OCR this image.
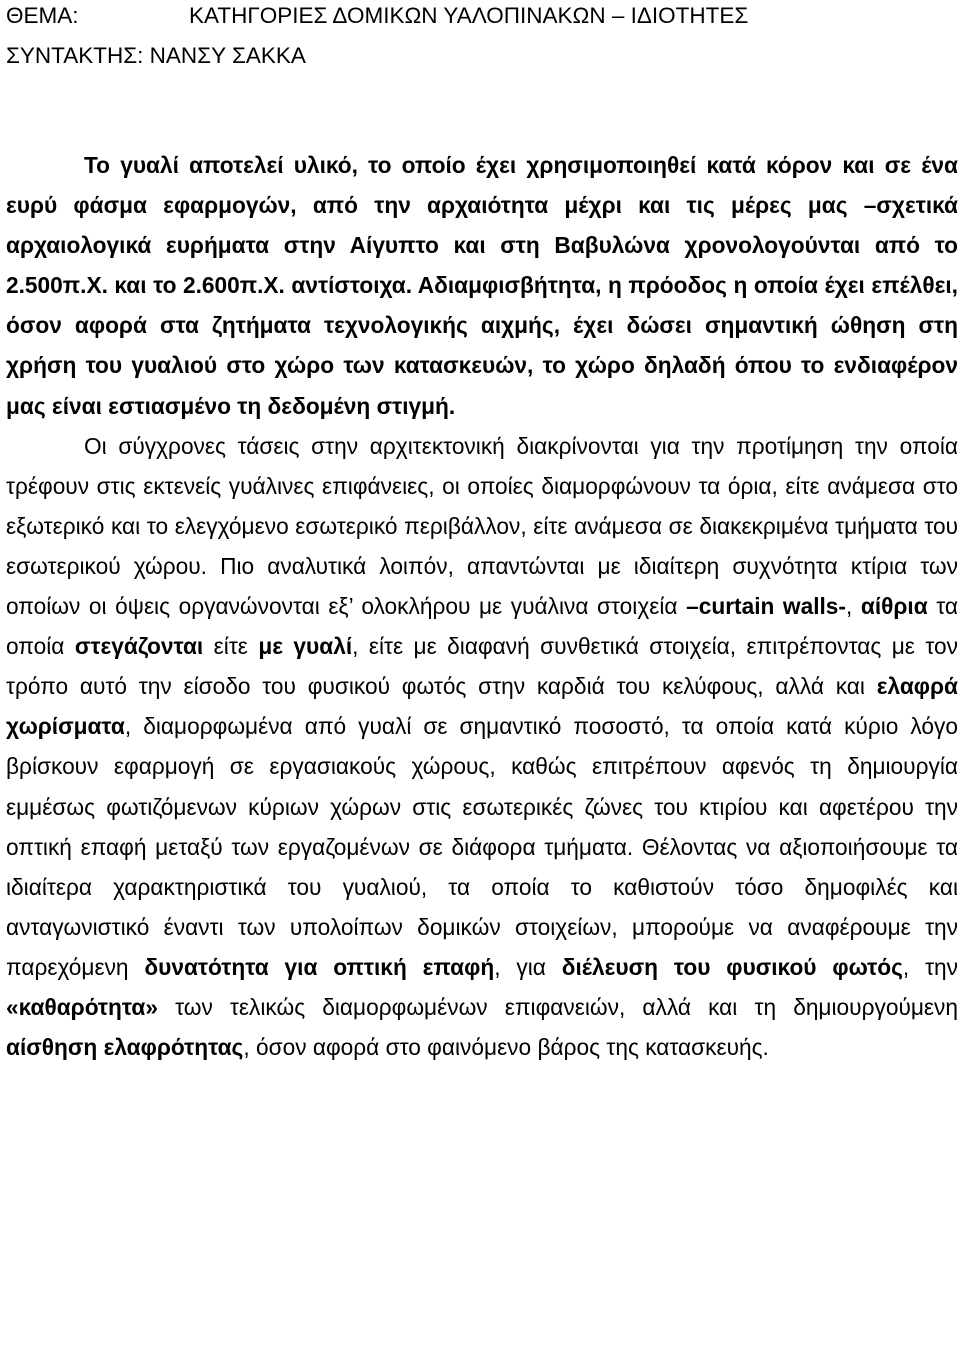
ΘΕΜΑ:	ΚΑΤΗΓΟΡΙΕΣ ΔΟΜΙΚΩΝ ΥΑΛΟΠΙΝΑΚΩΝ – ΙΔΙΟΤΗΤΕΣ
ΣΥΝΤΑΚΤΗΣ: ΝΑΝΣΥ ΣΑΚΚΑ

Το γυαλί αποτελεί υλικό, το οποίο έχει χρησιμοποιηθεί κατά κόρον και σε ένα ευρύ φάσμα εφαρμογών, από την αρχαιότητα μέχρι και τις μέρες μας –σχετικά αρχαιολογικά ευρήματα στην Αίγυπτο και στη Βαβυλώνα χρονολογούνται από το 2.500π.Χ. και το 2.600π.Χ. αντίστοιχα. Αδιαμφισβήτητα, η πρόοδος η οποία έχει επέλθει, όσον αφορά στα ζητήματα τεχνολογικής αιχμής, έχει δώσει σημαντική ώθηση στη χρήση του γυαλιού στο χώρο των κατασκευών, το χώρο δηλαδή όπου το ενδιαφέρον μας είναι εστιασμένο τη δεδομένη στιγμή.

Οι σύγχρονες τάσεις στην αρχιτεκτονική διακρίνονται για την προτίμηση την οποία τρέφουν στις εκτενείς γυάλινες επιφάνειες, οι οποίες διαμορφώνουν τα όρια, είτε ανάμεσα στο εξωτερικό και το ελεγχόμενο εσωτερικό περιβάλλον, είτε ανάμεσα σε διακεκριμένα τμήματα του εσωτερικού χώρου. Πιο αναλυτικά λοιπόν, απαντώνται με ιδιαίτερη συχνότητα κτίρια των οποίων οι όψεις οργανώνονται εξ’ ολοκλήρου με γυάλινα στοιχεία –curtain walls-, αίθρια τα οποία στεγάζονται είτε με γυαλί, είτε με διαφανή συνθετικά στοιχεία, επιτρέποντας με τον τρόπο αυτό την είσοδο του φυσικού φωτός στην καρδιά του κελύφους, αλλά και ελαφρά χωρίσματα, διαμορφωμένα από γυαλί σε σημαντικό ποσοστό, τα οποία κατά κύριο λόγο βρίσκουν εφαρμογή σε εργασιακούς χώρους, καθώς επιτρέπουν αφενός τη δημιουργία εμμέσως φωτιζόμενων κύριων χώρων στις εσωτερικές ζώνες του κτιρίου και αφετέρου την οπτική επαφή μεταξύ των εργαζομένων σε διάφορα τμήματα. Θέλοντας να αξιοποιήσουμε τα ιδιαίτερα χαρακτηριστικά του γυαλιού, τα οποία το καθιστούν τόσο δημοφιλές και ανταγωνιστικό έναντι των υπολοίπων δομικών στοιχείων, μπορούμε να αναφέρουμε την παρεχόμενη δυνατότητα για οπτική επαφή, για διέλευση του φυσικού φωτός, την «καθαρότητα» των τελικώς διαμορφωμένων επιφανειών, αλλά και τη δημιουργούμενη αίσθηση ελαφρότητας, όσον αφορά στο φαινόμενο βάρος της κατασκευής.
